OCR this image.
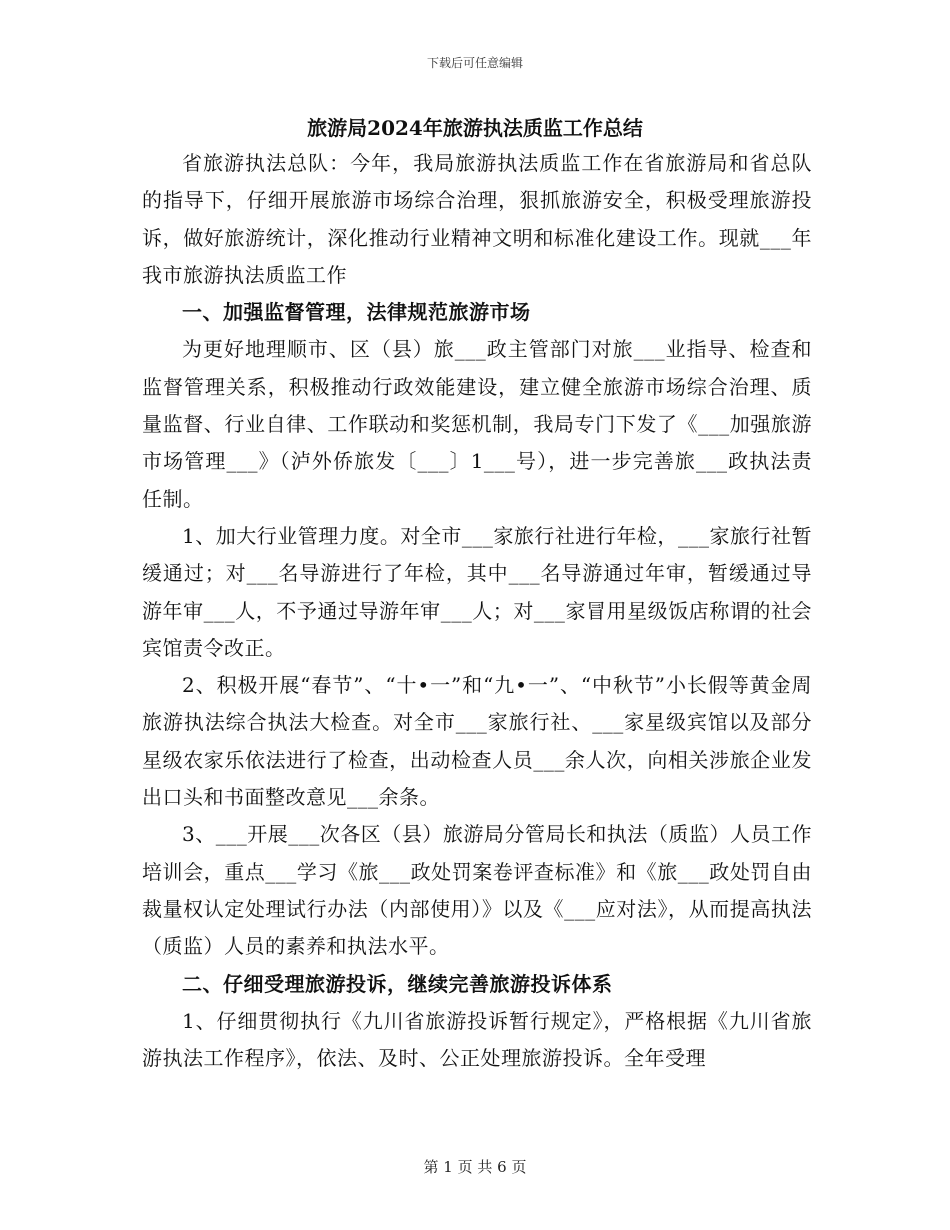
下载后可任意编辑
旅游局2024年旅游执法质监工作总结

省旅游执法总队：今年，我局旅游执法质监工作在省旅游局和省总队的指导下，仔细开展旅游市场综合治理，狠抓旅游安全，积极受理旅游投诉，做好旅游统计，深化推动行业精神文明和标准化建设工作。现就___年我市旅游执法质监工作

一、加强监督管理，法律规范旅游市场

为更好地理顺市、区（县）旅___政主管部门对旅___业指导、检查和监督管理关系，积极推动行政效能建设，建立健全旅游市场综合治理、质量监督、行业自律、工作联动和奖惩机制，我局专门下发了《___加强旅游市场管理___》（泸外侨旅发〔___〕1___号），进一步完善旅___政执法责任制。

1、加大行业管理力度。对全市___家旅行社进行年检，___家旅行社暂缓通过；对___名导游进行了年检，其中___名导游通过年审，暂缓通过导游年审___人，不予通过导游年审___人；对___家冒用星级饭店称谓的社会宾馆责令改正。

2、积极开展“春节”、“十•一”和“九•一”、“中秋节”小长假等黄金周旅游执法综合执法大检查。对全市___家旅行社、___家星级宾馆以及部分星级农家乐依法进行了检查，出动检查人员___余人次，向相关涉旅企业发出口头和书面整改意见___余条。

3、___开展___次各区（县）旅游局分管局长和执法（质监）人员工作培训会，重点___学习《旅___政处罚案卷评查标准》和《旅___政处罚自由裁量权认定处理试行办法（内部使用）》以及《___应对法》，从而提高执法（质监）人员的素养和执法水平。

二、仔细受理旅游投诉，继续完善旅游投诉体系

1、仔细贯彻执行《九川省旅游投诉暂行规定》，严格根据《九川省旅游执法工作程序》，依法、及时、公正处理旅游投诉。全年受理

第 1 页 共 6 页
